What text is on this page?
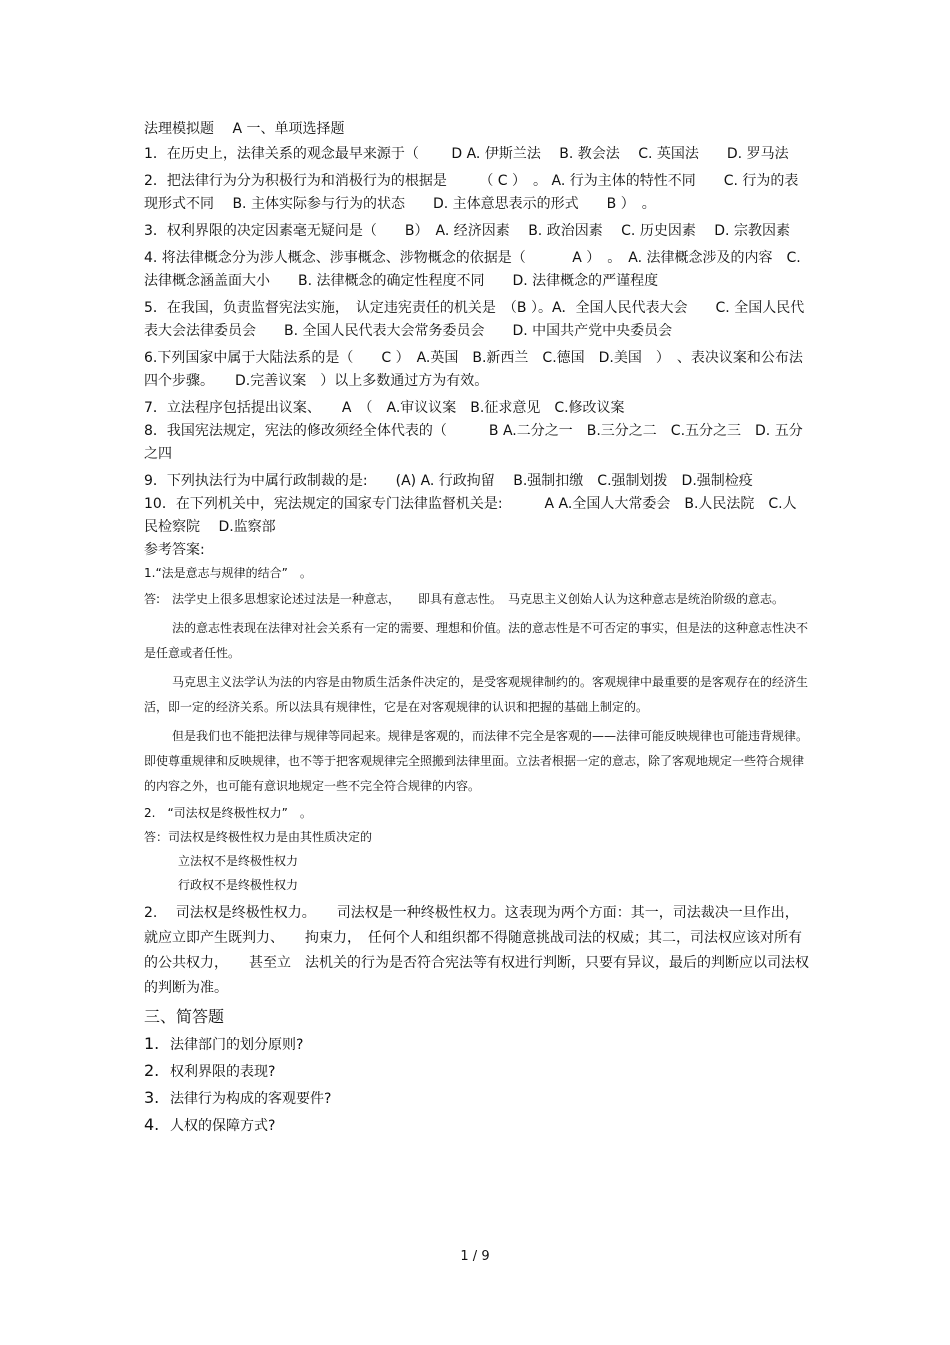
法理模拟题　 A 一、单项选择题

1．在历史上，法律关系的观念最早来源于（　　 D A. 伊斯兰法　 B. 教会法　 C. 英国法　　D. 罗马法

2．把法律行为分为积极行为和消极行为的根据是　　 （ C ）　。 A. 行为主体的特性不同　　C. 行为的表现形式不同　 B. 主体实际参与行为的状态　　D. 主体意思表示的形式　　B ）　。

3．权利界限的决定因素毫无疑问是（　　B）　A. 经济因素　 B. 政治因素　 C. 历史因素　 D. 宗教因素

4. 将法律概念分为涉人概念、涉事概念、涉物概念的依据是（　　　 A ）　。　A. 法律概念涉及的内容　C. 法律概念涵盖面大小　　B. 法律概念的确定性程度不同　　D. 法律概念的严谨程度

5．在我国，负责监督宪法实施，　认定违宪责任的机关是　（B ）。A．全国人民代表大会　　C. 全国人民代表大会法律委员会　　B. 全国人民代表大会常务委员会　　D. 中国共产党中央委员会

6.下列国家中属于大陆法系的是（　　C ）　A.英国　B.新西兰　C.德国　D.美国　）　、表决议案和公布法四个步骤。　　D.完善议案　）以上多数通过方为有效。

7．立法程序包括提出议案、　　A　（　A.审议议案　B.征求意见　C.修改议案

8．我国宪法规定，宪法的修改须经全体代表的（　　　B A.二分之一　B.三分之二　C.五分之三　D. 五分之四

9．下列执法行为中属行政制裁的是:　　(A) A. 行政拘留　 B.强制扣缴　C.强制划拨　D.强制检疫

10．在下列机关中，宪法规定的国家专门法律监督机关是:　　　A A.全国人大常委会　B.人民法院　C.人民检察院　 D.监察部

参考答案:

1.“法是意志与规律的结合”　。

答:　法学史上很多思想家论述过法是一种意志，　　即具有意志性。　马克思主义创始人认为这种意志是统治阶级的意志。

法的意志性表现在法律对社会关系有一定的需要、理想和价值。法的意志性是不可否定的事实，但是法的这种意志性决不是任意或者任性。

马克思主义法学认为法的内容是由物质生活条件决定的，是受客观规律制约的。客观规律中最重要的是客观存在的经济生活，即一定的经济关系。所以法具有规律性，它是在对客观规律的认识和把握的基础上制定的。

但是我们也不能把法律与规律等同起来。规律是客观的，而法律不完全是客观的——法律可能反映规律也可能违背规律。即使尊重规律和反映规律，也不等于把客观规律完全照搬到法律里面。立法者根据一定的意志，除了客观地规定一些符合规律的内容之外，也可能有意识地规定一些不完全符合规律的内容。

2.　“司法权是终极性权力”　。

答：司法权是终极性权力是由其性质决定的

立法权不是终极性权力

行政权不是终极性权力

2.　 司法权是终极性权力。　　司法权是一种终极性权力。这表现为两个方面：其一，司法裁决一旦作出，　就应立即产生既判力、　　拘束力，　任何个人和组织都不得随意挑战司法的权威；其二，司法权应该对所有的公共权力，　　甚至立　法机关的行为是否符合宪法等有权进行判断，只要有异议，最后的判断应以司法权的判断为准。

三、简答题

1. 法律部门的划分原则?

2. 权利界限的表现?

3. 法律行为构成的客观要件?

4. 人权的保障方式?

1 / 9
